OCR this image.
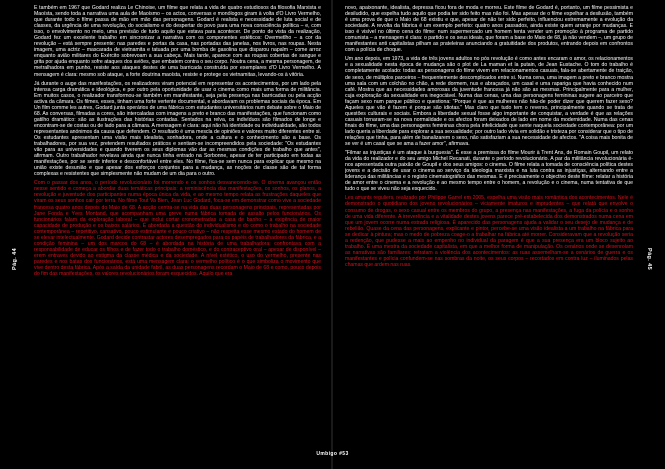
É também em 1967 que Godard realiza Le Chinoise, um filme que relata a vida de quatro estudiosos da filosofia Marxista e Maoísta, sendo toda a narrativa uma aula de Maoísmo – os actos, conversas e monólogos giram à volta d'O Livro Vermelho, que durante todo o filme passa de mão em mão das personagens. Godard é realista e necessidade de luta social e de classes, da urgência de uma revolução, do socialismo e do despertar do povo para uma nova consciência política – e, com isso, o envolvimento no meio, uma previsão de tudo aquilo que estava para acontecer. De ponto de vista da realização, Godard fez um excelente trabalho em sincronizar a narrativa com os componentes estéticos: Overmetlho – a cor da revolução – está sempre presente: nas paredes e portas da casa, nas portadas das janelas, nos livros, nas roupas. Nesta imagem, uma actriz – mascarada de vietnamita e tatuada por uma bomba de gasolina que disparou napalm – come arroz enquanto avião militares do Exército sobrevoam a sua cabeça. Mais tarde, aparece com as roupas cobertas de sangue e grita por ajuda enquanto sofre ataques dos aviões, que embatem contra o seu corpo. Noutra cena, a mesma personagem, de metralhadora em punho, resiste aos ataques destes de uma barricada construída por exemplares d'O Livro Vermelho. A mensagem é clara: mesmo sob ataque, a forte doutrina maoísta, resiste e protege os vietnamitas, levando-os à vitória.

Já durante o auge das manifestações, os realizadores viram potencial em representar os acontecimentos, por um lado pela intensa carga dramática e ideológica, e por outro pela oportunidade de usar o cinema como mais uma forma de militância. Em muitos casos, o realizador transformou-se também em manifestante, seja pela presença nas barricadas ou pela acção activa da câmara. Os filmes, esses, tinham uma forte vertente documental, e abordavam os problemas sociais da época. Em Un film comme les autres, Godard junta operários de uma fábrica com estudantes universitários num debate sobre o Maio de 68. As conversas, filmadas a cores, são intercaladas com imagens a preto e branco das manifestações, que funcionam como gatilho dramático: são as ilustrações das histórias contadas. Sentados na relva, os indivíduos são filmados de longe e encontram-se de costas ou de lado para a câmara. A mensagem é clara: aqui não há identidade ou individualidade, são todos representantes anónimos da causa que defendem. O resultado é uma mescla de opiniões e valores muito diferentes entre si. Os estudantes apresentam uma visão mais idealista, sonhadora, onde a cultura e o conhecimento são a base. Os trabalhadores, por sua vez, pretendem resultados práticos e sentiam-se incompreendidos pela sociedade: "Os estudantes vão para as universidades e quando tiverem os seus diplomas vão dar as mesmas condições de trabalho que antes", afirmam. Outro trabalhador revelava ainda que nunca tinha entrado na Sorbonne, apesar de ter participado em todas as manifestações, por se sentir inferior e desconfortável entre eles. No filme, fica-se sem nunca para explicar que mesmo na união existe desunião e que apesar dos esforços conjuntos para a mudança, as noções de classe são de tal forma complexas e resistentes que simplesmente não mudam de um dia para o outro.

Com o passar dos anos, o período revolucionário foi morrendo e os sonhos desvanecendo-se. O cinema avançou então nesse sentido e começa a abordar duas temáticas principais: a reminiscência das manifestações, os sonhos, os planos, a revolução e juventude dos participantes numa época única da vida, e ao mesmo tempo relata as frustrações daqueles que viram os seus sonhos cair por terra. No filme Tout Va Bien, Jean Luc Godard, foca-se em demonstrar como vive a sociedade francesa quatro anos depois do Maio de 68. A acção centra-se na vida das duas personagens principais, representadas por Jane Fonda e Yves Montand, que acompanham uma greve numa fábrica tomada de assalto pelos funcionários. Os funcionários falam da exploração laboral – que inclui cortar cronometradas a casa de banho – a exigência de maior capacidade de produção e os baixos salários. É abordada a questão do individualismo e do como o trabalho na sociedade contemporânea – repetitivo, cansativo, pouco estimulante e pouco criativo – não respeita esse mesmo estado do homem de se elevar intelectualmente. Godard decide contrastar actores desempregados para os papéis de trabalhadores da fábrica, e a condição feminina – um dos marcos do 68 – é abordada na história de uma trabalhadora: confrontava com a responsabilidade de educar os filhos e de fazer todo o trabalho doméstico, e do contraceptivo oral – apesar de disponível – erem entraves devido ao estigma da classe médica e da sociedade. A nível estético, o uso do vermelho, presente nas paredes e nos batas dos funcionários, está uma mensagem clara: o vermelho político é o que simboliza o movimento que vive dentro desta fábrica. Após a saída da unidade fabril, as duas personagens recordam o Maio de 68 e como, pouco depois do fim das manifestações, os valores revolucionários foram esquecidos. Aquilo que era

novo, apaixonante, idealista, depressa ficou fora de moda e morreu. Este filme de Godard é, portanto, um filme pessimista e desiludido, que espelha tudo aquilo que podia ter sido feito mas não foi. Mas apesar de o filme expelhar a desilusão, também é uma prova de que o Maio de 68 existiu e que, apesar de não ter sido perfeito, influenciou extremamente a evolução da sociedade. A revolta da fábrica é um exemplo perfeito: quatro anos passados, ainda existe quem arranje por mudanças. E isso é visível no último cena do filme: num supermercado um homem tenta vender um promoção à programa de partido comunista – a mensagem é clara: o partido e os seus ideais, que foram a base do Maio de 68, já não vendem –, um grupo de manifestantes anti capitalistas pilham as prateleiras anunciando a gratuitidade dos produtos, entrando depois em confrontos com a polícia de choque.

Um ano depois, em 1973, a vida de três jovens adultos no pós revolução é como antes encaram o amor, os relacionamentos e a sexualidade nesta época de mudança são o plot de La maman et la putain, de Jean Eustache. O tom do trabalho é completamente acolado: todas as personagens do filme vivem em relacionamentos casuais, fala-se abertamente de traição, de sexo, de múltiplos parceiros – frequentemente descomplicados entre si. Numa cena, uma imagem a preto e branco mostra uma sala com um colchão no chão, a rede dormem, nus e abraçados, um casal e uma rapariga que havia conhecido num café. Mostra que as necessidades amorosas da juventude francesa já não são as mesmas. Principalmente para a mulher, cuja exploração da sexualidade era inegociável. Numa das cenas, uma das personagens femininas sugere ao parceiro que façam sexo num parque público e questiona: "Porque é que as mulheres não hão-de poder dizer que querem fazer sexo? Aqueles que vão é fazem é porque são idiotas." Mas claro que tudo tem o reverso, principalmente quando se trata de questões culturais e sociais. Embora a liberdade sexual fosse algo importante de conquistar, a verdade é que as relações casuais tornaram-se na nova normalidade e os afectos foram deixados de lado em nome da modernidade. Numa das cenas finais do filme, uma das personagens femininas chora pela infelicidade que sente naquela sociedade contemporânea: por um lado queria a liberdade para explorar a sua sexualidade; por outro lado vivia em solidão e tristeza por considerar que o tipo de relações que tinha, para além de banalizarem o sexo, não satisfaziam a sua necessidade de afectos. "A coisa mais bonita de se ver é um casal que se ama a fazer amor", afirmava.

"Filmar as injustiças é um ataque à burguesia". É esse a premissa do filme Mourir à Trent Ans, de Romain Goupil, um relato da vida do realizador e do seu amigo Michel Recanati, durante o período revolucionário. A par da militância revolucionária é-nos apresentada outra paixão de Goupil e dos seus amigos: o cinema. O filme relata a tomada de consciência política destes jovens e a decisão de usar o cinema ao serviço da ideologia marxista e na luta contra as injustiças, alternando entre a liderança das militâncias e o registo cinematográfico das mesmas. E é precisamente o objectivo deste filme: relatar a história de amor entre o cinema e a revolução e ao mesmo tempo entre o homem, a revolução e o cinema, numa tentativa de que tudo o que se viveu não seja esquecido.

Les amants reguliers, realizado por Philippe Garrel em 2005, espelha uma visão mais romântica dos acontecimentos. Nele é demonstrado o quotidiano dos jovens revolucionários – viciamente imaturos e imprudentes – que relatá que envolve o consumo de drogas, o sexo casual entre os membros do grupo, a presença nas manifestações, a fuga da polícia e o sonho de uma vida diferente. A irreverência e a vitalidade destes jovens parece pré-estabelecida dos demonstrados numa cena em que um jovem ocorre numa estrada religiosa. É aparecido das personagens ajuda a validar o seu desejo de mudança e de rebelião. Quase da cena das personagens, explicante e pintor, percebe-se uma visão idealista a um trabalho na fábrica para se dedicar à pintura; mas o medo de pobreza coage-o a trabalhar na fábrica até morrer. Consideravam que a revolução seria a redenção, que pudesse a mais ao empenho no individual da paragem é que a sua presença era um bloco sujeito ao trabalho. É uma mestra da sociedade capitalista, em que a melhor forma de manipulação. Os cenários onde se desenrolam as narrativas são familiares: retratam a violência dos acontecimentos: as ruas assemelham-se a cenários de guerra e os manifestantes e polícia confundem-se nas sombras da noite, os seus corpos – recortados em contra luz – iluminados pelas chamas que ardem nas ruas.

Pág. 44	Pág. 45
Umbigo #53
